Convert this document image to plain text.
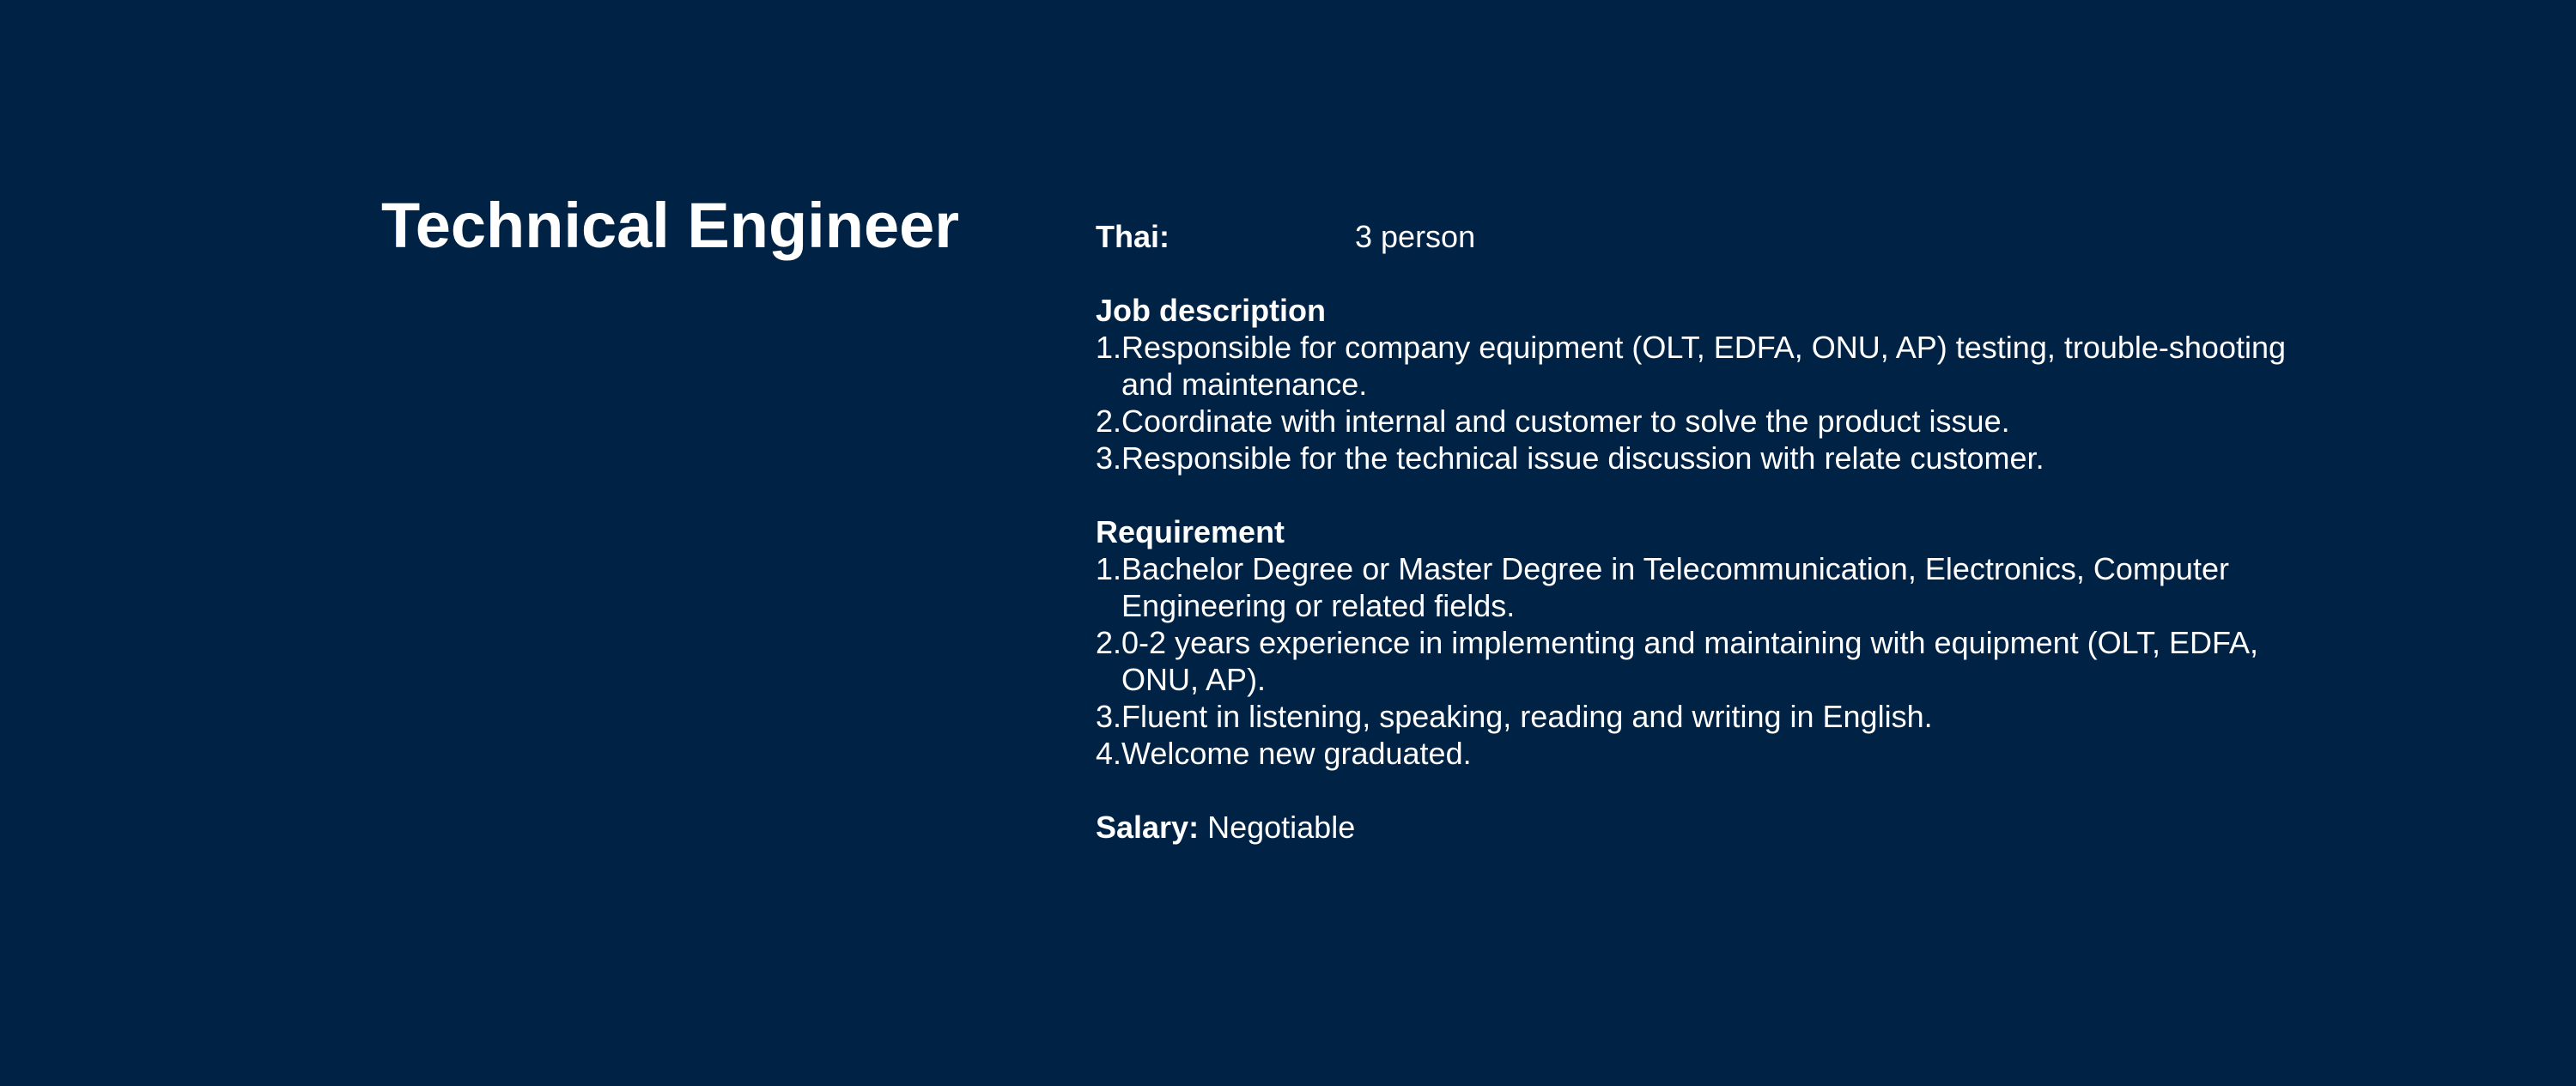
Technical Engineer	Thai:	3 person
Job description
1. Responsible for company equipment (OLT, EDFA, ONU, AP) testing, trouble-shooting and maintenance.
2. Coordinate with internal and customer to solve the product issue.
3. Responsible for the technical issue discussion with relate customer.
Requirement
1. Bachelor Degree or Master Degree in Telecommunication, Electronics, Computer Engineering or related fields.
2. 0-2 years experience in implementing and maintaining with equipment (OLT, EDFA, ONU, AP).
3. Fluent in listening, speaking, reading and writing in English.
4. Welcome new graduated.
Salary: Negotiable
